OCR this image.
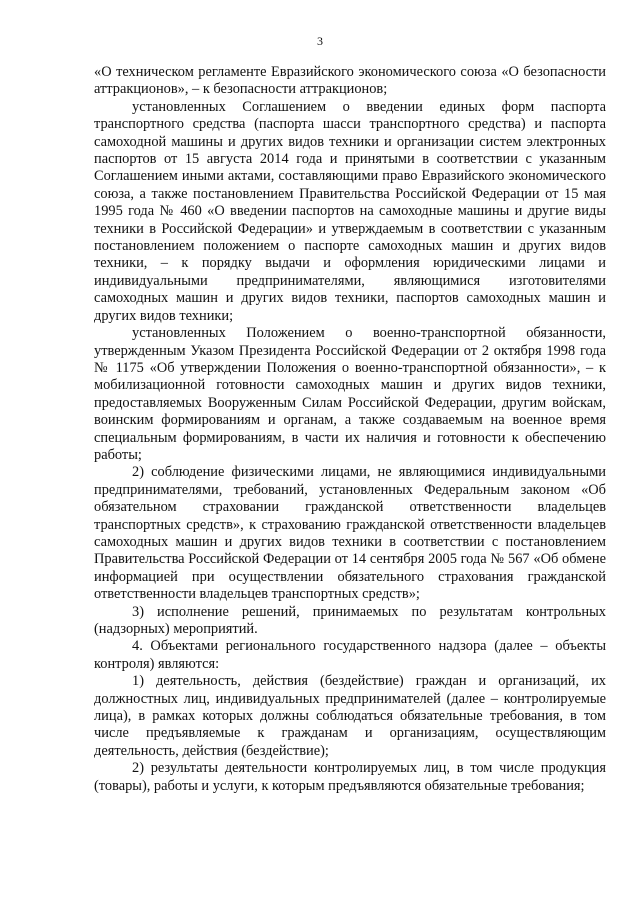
3

«О техническом регламенте Евразийского экономического союза «О безопасности аттракционов», – к безопасности аттракционов;

установленных Соглашением о введении единых форм паспорта транспортного средства (паспорта шасси транспортного средства) и паспорта самоходной машины и других видов техники и организации систем электронных паспортов от 15 августа 2014 года и принятыми в соответствии с указанным Соглашением иными актами, составляющими право Евразийского экономического союза, а также постановлением Правительства Российской Федерации от 15 мая 1995 года № 460 «О введении паспортов на самоходные машины и другие виды техники в Российской Федерации» и утверждаемым в соответствии с указанным постановлением положением о паспорте самоходных машин и других видов техники, – к порядку выдачи и оформления юридическими лицами и индивидуальными предпринимателями, являющимися изготовителями самоходных машин и других видов техники, паспортов самоходных машин и других видов техники;

установленных Положением о военно-транспортной обязанности, утвержденным Указом Президента Российской Федерации от 2 октября 1998 года № 1175 «Об утверждении Положения о военно-транспортной обязанности», – к мобилизационной готовности самоходных машин и других видов техники, предоставляемых Вооруженным Силам Российской Федерации, другим войскам, воинским формированиям и органам, а также создаваемым на военное время специальным формированиям, в части их наличия и готовности к обеспечению работы;

2) соблюдение физическими лицами, не являющимися индивидуальными предпринимателями, требований, установленных Федеральным законом «Об обязательном страховании гражданской ответственности владельцев транспортных средств», к страхованию гражданской ответственности владельцев самоходных машин и других видов техники в соответствии с постановлением Правительства Российской Федерации от 14 сентября 2005 года № 567 «Об обмене информацией при осуществлении обязательного страхования гражданской ответственности владельцев транспортных средств»;

3) исполнение решений, принимаемых по результатам контрольных (надзорных) мероприятий.

4. Объектами регионального государственного надзора (далее – объекты контроля) являются:

1) деятельность, действия (бездействие) граждан и организаций, их должностных лиц, индивидуальных предпринимателей (далее – контролируемые лица), в рамках которых должны соблюдаться обязательные требования, в том числе предъявляемые к гражданам и организациям, осуществляющим деятельность, действия (бездействие);

2) результаты деятельности контролируемых лиц, в том числе продукция (товары), работы и услуги, к которым предъявляются обязательные требования;
